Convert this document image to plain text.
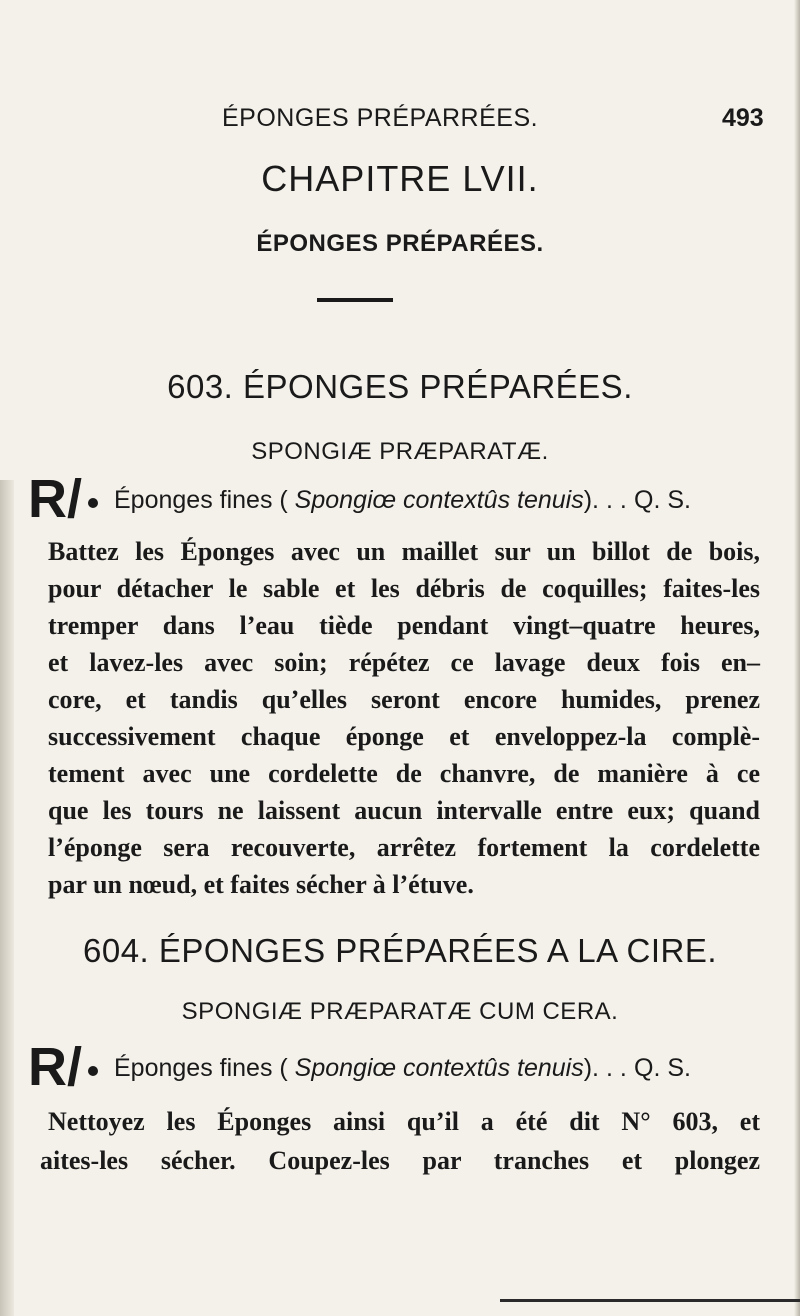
ÉPONGES PRÉPARRÉES.	493
CHAPITRE LVII.
ÉPONGES PRÉPARÉES.
603. ÉPONGES PRÉPARÉES.
SPONGIÆ PRÆPARATÆ.
R/ Éponges fines ( Spongiœ contextûs tenuis). . . Q. S.
Battez les Éponges avec un maillet sur un billot de bois,
pour détacher le sable et les débris de coquilles; faites-les
tremper dans l’eau tiède pendant vingt–quatre heures,
et lavez-les avec soin; répétez ce lavage deux fois en–
core, et tandis qu’elles seront encore humides, prenez
successivement chaque éponge et enveloppez-la complè-
tement avec une cordelette de chanvre, de manière à ce
que les tours ne laissent aucun intervalle entre eux; quand
l’éponge sera recouverte, arrêtez fortement la cordelette
par un nœud, et faites sécher à l’étuve.
604. ÉPONGES PRÉPARÉES A LA CIRE.
SPONGIÆ PRÆPARATÆ CUM CERA.
R/ Éponges fines ( Spongiœ contextûs tenuis). . . Q. S.
Nettoyez les Éponges ainsi qu’il a été dit N° 603, et
aites-les sécher. Coupez-les par tranches et plongez
